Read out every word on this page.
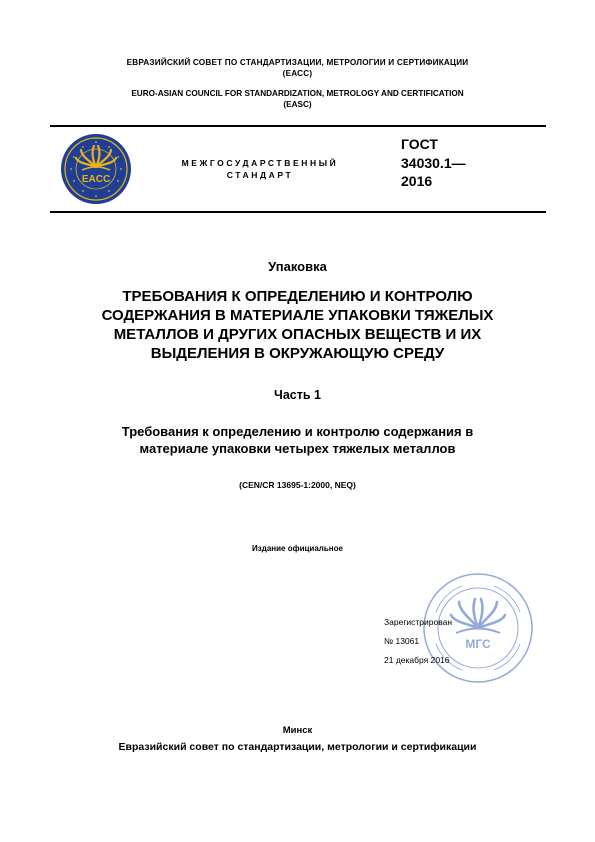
ЕВРАЗИЙСКИЙ СОВЕТ ПО СТАНДАРТИЗАЦИИ, МЕТРОЛОГИИ И СЕРТИФИКАЦИИ
(ЕАСС)
EURO-ASIAN COUNCIL FOR STANDARDIZATION, METROLOGY AND CERTIFICATION
(EASC)
EACC
МЕЖГОСУДАРСТВЕННЫЙ
СТАНДАРТ
ГОСТ
34030.1—
2016
Упаковка
ТРЕБОВАНИЯ К ОПРЕДЕЛЕНИЮ И КОНТРОЛЮ
СОДЕРЖАНИЯ В МАТЕРИАЛЕ УПАКОВКИ ТЯЖЕЛЫХ
МЕТАЛЛОВ И ДРУГИХ ОПАСНЫХ ВЕЩЕСТВ И ИХ
ВЫДЕЛЕНИЯ В ОКРУЖАЮЩУЮ СРЕДУ
Часть 1
Требования к определению и контролю содержания в
материале упаковки четырех тяжелых металлов
(CEN/CR 13695-1:2000, NEQ)
Издание официальное
МГС
Зарегистрирован
№ 13061
21 декабря 2016
Минск
Евразийский совет по стандартизации, метрологии и сертификации
